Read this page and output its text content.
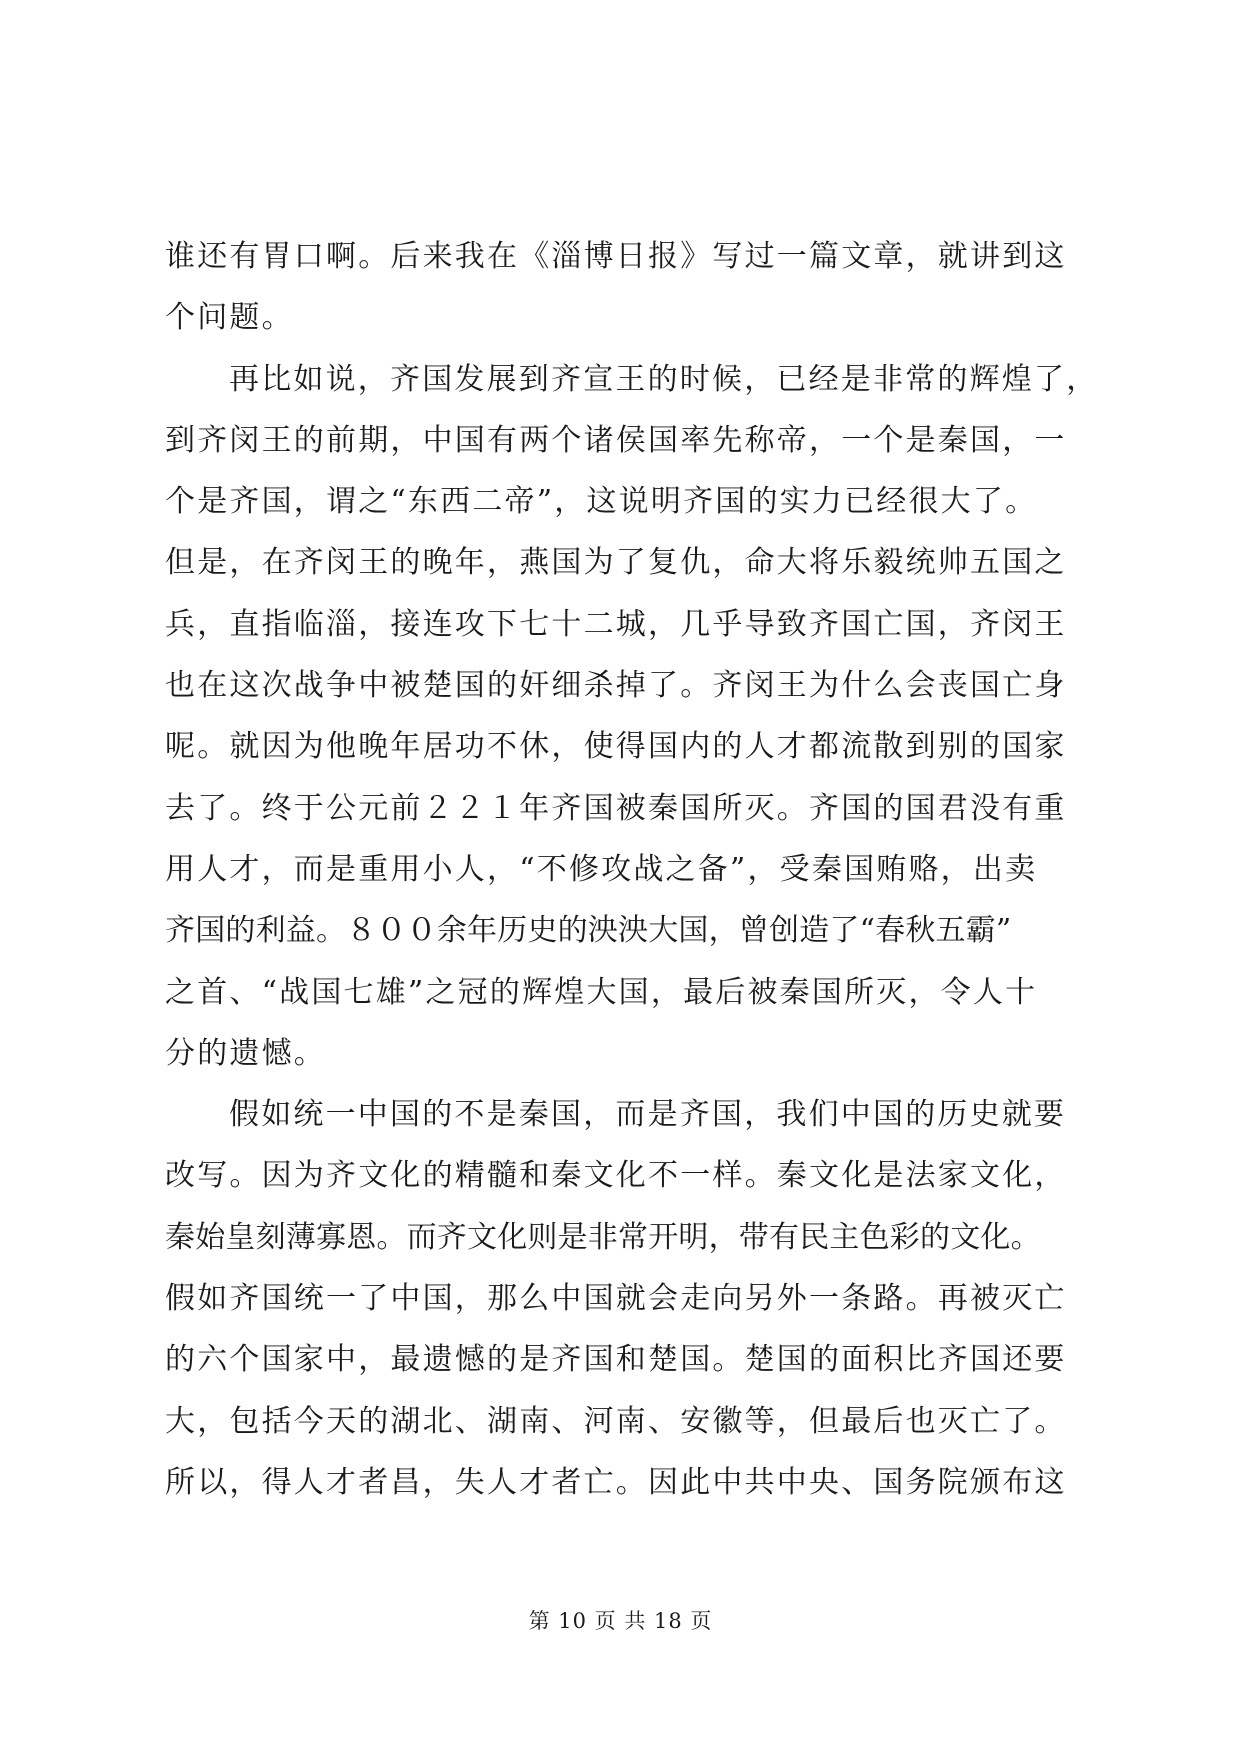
谁还有胃口啊。后来我在《淄博日报》写过一篇文章，就讲到这
个问题。
再比如说，齐国发展到齐宣王的时候，已经是非常的辉煌了，
到齐闵王的前期，中国有两个诸侯国率先称帝，一个是秦国，一
个是齐国，谓之“东西二帝”，这说明齐国的实力已经很大了。
但是，在齐闵王的晚年，燕国为了复仇，命大将乐毅统帅五国之
兵，直指临淄，接连攻下七十二城，几乎导致齐国亡国，齐闵王
也在这次战争中被楚国的奸细杀掉了。齐闵王为什么会丧国亡身
呢。就因为他晚年居功不休，使得国内的人才都流散到别的国家
去了。终于公元前２２１年齐国被秦国所灭。齐国的国君没有重
用人才，而是重用小人，“不修攻战之备”，受秦国贿赂，出卖
齐国的利益。８００余年历史的泱泱大国，曾创造了“春秋五霸”
之首、“战国七雄”之冠的辉煌大国，最后被秦国所灭，令人十
分的遗憾。
假如统一中国的不是秦国，而是齐国，我们中国的历史就要
改写。因为齐文化的精髓和秦文化不一样。秦文化是法家文化，
秦始皇刻薄寡恩。而齐文化则是非常开明，带有民主色彩的文化。
假如齐国统一了中国，那么中国就会走向另外一条路。再被灭亡
的六个国家中，最遗憾的是齐国和楚国。楚国的面积比齐国还要
大，包括今天的湖北、湖南、河南、安徽等，但最后也灭亡了。
所以，得人才者昌，失人才者亡。因此中共中央、国务院颁布这
第 10 页 共 18 页
